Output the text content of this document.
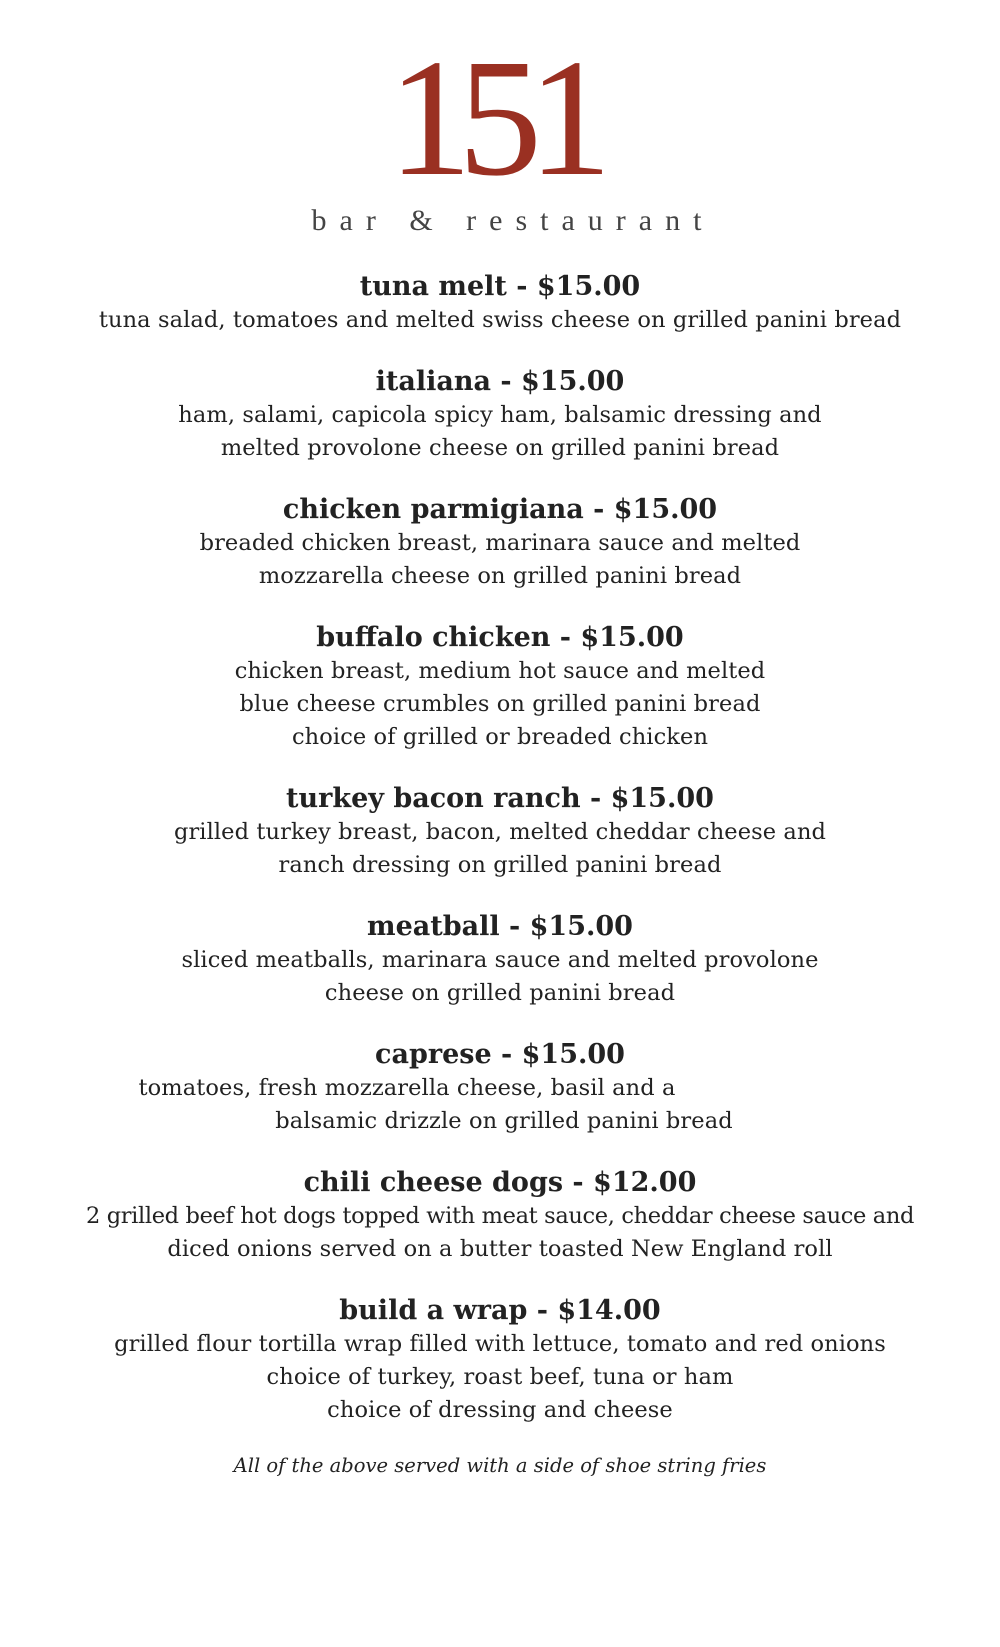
151
bar & restaurant
tuna melt - $15.00
tuna salad, tomatoes and melted swiss cheese on grilled panini bread
italiana - $15.00
ham, salami, capicola spicy ham, balsamic dressing and
melted provolone cheese on grilled panini bread
chicken parmigiana - $15.00
breaded chicken breast, marinara sauce and melted
mozzarella cheese on grilled panini bread
buffalo chicken - $15.00
chicken breast, medium hot sauce and melted
blue cheese crumbles on grilled panini bread
choice of grilled or breaded chicken
turkey bacon ranch - $15.00
grilled turkey breast, bacon, melted cheddar cheese and
ranch dressing on grilled panini bread
meatball - $15.00
sliced meatballs, marinara sauce and melted provolone
cheese on grilled panini bread
caprese - $15.00
tomatoes, fresh mozzarella cheese, basil and a
balsamic drizzle on grilled panini bread
chili cheese dogs - $12.00
2 grilled beef hot dogs topped with meat sauce, cheddar cheese sauce and
diced onions served on a butter toasted New England roll
build a wrap - $14.00
grilled flour tortilla wrap filled with lettuce, tomato and red onions
choice of turkey, roast beef, tuna or ham
choice of dressing and cheese
All of the above served with a side of shoe string fries
